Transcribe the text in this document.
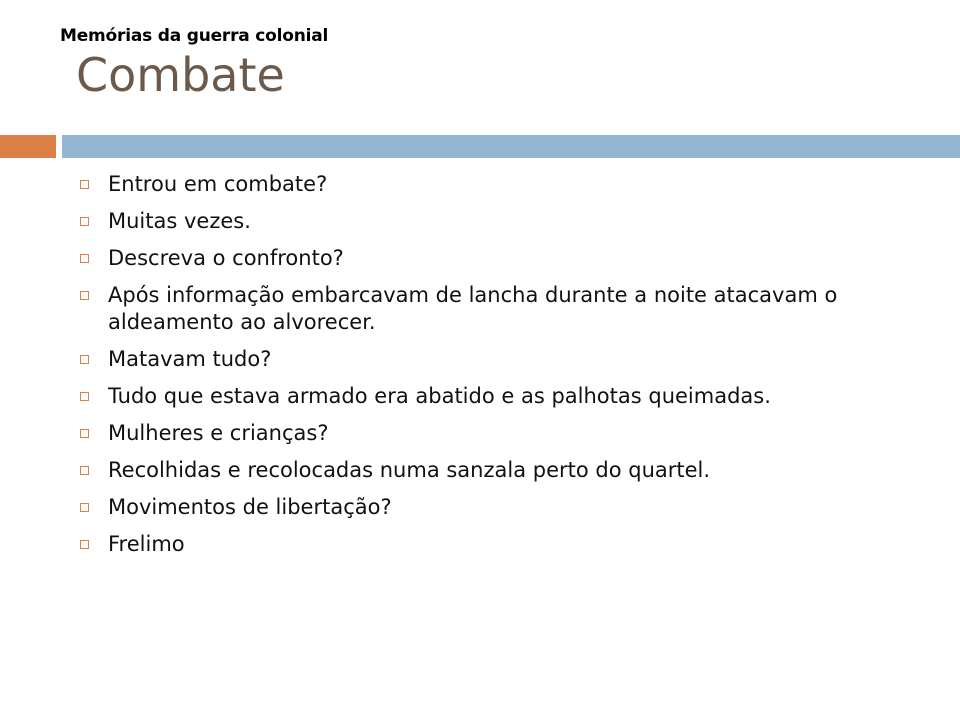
Memórias da guerra colonial
Combate
Entrou em combate?
Muitas vezes.
Descreva o confronto?
Após informação embarcavam de lancha durante a noite atacavam o aldeamento ao alvorecer.
Matavam tudo?
Tudo que estava armado era abatido e as palhotas queimadas.
Mulheres e crianças?
Recolhidas e recolocadas numa sanzala perto do quartel.
Movimentos de libertação?
Frelimo
